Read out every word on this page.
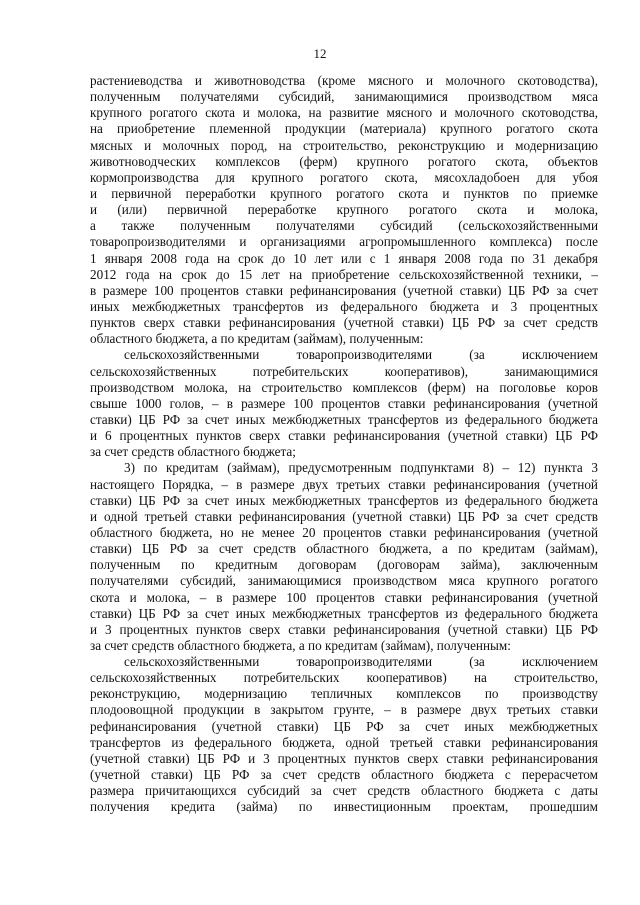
12
растениеводства и животноводства (кроме мясного и молочного скотоводства),
полученным получателями субсидий, занимающимися производством мяса
крупного рогатого скота и молока, на развитие мясного и молочного скотоводства,
на приобретение племенной продукции (материала) крупного рогатого скота
мясных и молочных пород, на строительство, реконструкцию и модернизацию
животноводческих комплексов (ферм) крупного рогатого скота, объектов
кормопроизводства для крупного рогатого скота, мясохладобоен для убоя
и первичной переработки крупного рогатого скота и пунктов по приемке
и (или) первичной переработке крупного рогатого скота и молока,
а также полученным получателями субсидий (сельскохозяйственными
товаропроизводителями и организациями агропромышленного комплекса) после
1 января 2008 года на срок до 10 лет или с 1 января 2008 года по 31 декабря
2012 года на срок до 15 лет на приобретение сельскохозяйственной техники, –
в размере 100 процентов ставки рефинансирования (учетной ставки) ЦБ РФ за счет
иных межбюджетных трансфертов из федерального бюджета и 3 процентных
пунктов сверх ставки рефинансирования (учетной ставки) ЦБ РФ за счет средств
областного бюджета, а по кредитам (займам), полученным:
сельскохозяйственными товаропроизводителями (за исключением
сельскохозяйственных потребительских кооперативов), занимающимися
производством молока, на строительство комплексов (ферм) на поголовье коров
свыше 1000 голов, – в размере 100 процентов ставки рефинансирования (учетной
ставки) ЦБ РФ за счет иных межбюджетных трансфертов из федерального бюджета
и 6 процентных пунктов сверх ставки рефинансирования (учетной ставки) ЦБ РФ
за счет средств областного бюджета;
3) по кредитам (займам), предусмотренным подпунктами 8) – 12) пункта 3
настоящего Порядка, – в размере двух третьих ставки рефинансирования (учетной
ставки) ЦБ РФ за счет иных межбюджетных трансфертов из федерального бюджета
и одной третьей ставки рефинансирования (учетной ставки) ЦБ РФ за счет средств
областного бюджета, но не менее 20 процентов ставки рефинансирования (учетной
ставки) ЦБ РФ за счет средств областного бюджета, а по кредитам (займам),
полученным по кредитным договорам (договорам займа), заключенным
получателями субсидий, занимающимися производством мяса крупного рогатого
скота и молока, – в размере 100 процентов ставки рефинансирования (учетной
ставки) ЦБ РФ за счет иных межбюджетных трансфертов из федерального бюджета
и 3 процентных пунктов сверх ставки рефинансирования (учетной ставки) ЦБ РФ
за счет средств областного бюджета, а по кредитам (займам), полученным:
сельскохозяйственными товаропроизводителями (за исключением
сельскохозяйственных потребительских кооперативов) на строительство,
реконструкцию, модернизацию тепличных комплексов по производству
плодоовощной продукции в закрытом грунте, – в размере двух третьих ставки
рефинансирования (учетной ставки) ЦБ РФ за счет иных межбюджетных
трансфертов из федерального бюджета, одной третьей ставки рефинансирования
(учетной ставки) ЦБ РФ и 3 процентных пунктов сверх ставки рефинансирования
(учетной ставки) ЦБ РФ за счет средств областного бюджета с перерасчетом
размера причитающихся субсидий за счет средств областного бюджета с даты
получения кредита (займа) по инвестиционным проектам, прошедшим
